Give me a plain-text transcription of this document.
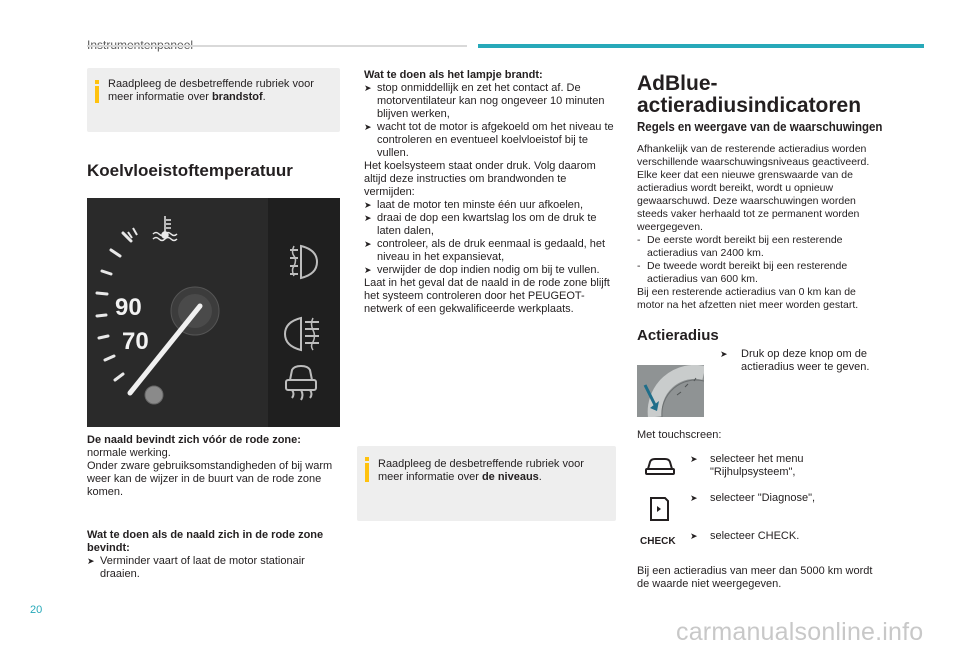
Raadpleeg de desbetreffende rubriek voor meer informatie over brandstof.
Koelvloeistoftemperatuur
90
70

De naald bevindt zich vóór de rode zone:

normale werking.

Onder zware gebruiksomstandigheden of bij warm weer kan de wijzer in de buurt van de rode zone komen.

Wat te doen als de naald zich in de rode zone bevindt:

➤ Verminder vaart of laat de motor stationair draaien.

Wat te doen als het lampje brandt:

➤ stop onmiddellijk en zet het contact af. De motorventilateur kan nog ongeveer 10 minuten blijven werken,
➤ wacht tot de motor is afgekoeld om het niveau te controleren en eventueel koelvloeistof bij te vullen.

Het koelsysteem staat onder druk. Volg daarom altijd deze instructies om brandwonden te vermijden:

➤ laat de motor ten minste één uur afkoelen,
➤ draai de dop een kwartslag los om de druk te laten dalen,
➤ controleer, als de druk eenmaal is gedaald, het niveau in het expansievat,
➤ verwijder de dop indien nodig om bij te vullen.

Laat in het geval dat de naald in de rode zone blijft het systeem controleren door het PEUGEOT-netwerk of een gekwalificeerde werkplaats.

Raadpleeg de desbetreffende rubriek voor meer informatie over de niveaus.
AdBlue-
actieradiusindicatoren
Regels en weergave van de waarschuwingen

Afhankelijk van de resterende actieradius worden verschillende waarschuwingsniveaus geactiveerd. Elke keer dat een nieuwe grenswaarde van de actieradius wordt bereikt, wordt u opnieuw gewaarschuwd. Deze waarschuwingen worden steeds vaker herhaald tot ze permanent worden weergegeven.

- De eerste wordt bereikt bij een resterende actieradius van 2400 km.
- De tweede wordt bereikt bij een resterende actieradius van 600 km.

Bij een resterende actieradius van 0 km kan de motor na het afzetten niet meer worden gestart.

Actieradius
➤	Druk op deze knop om de actieradius weer te geven.
Met touchscreen:
➤	selecteer het menu "Rijhulpsysteem",
➤	selecteer "Diagnose",
CHECK ➤	selecteer CHECK.
Bij een actieradius van meer dan 5000 km wordt de waarde niet weergegeven.
20
carmanualsonline.info
